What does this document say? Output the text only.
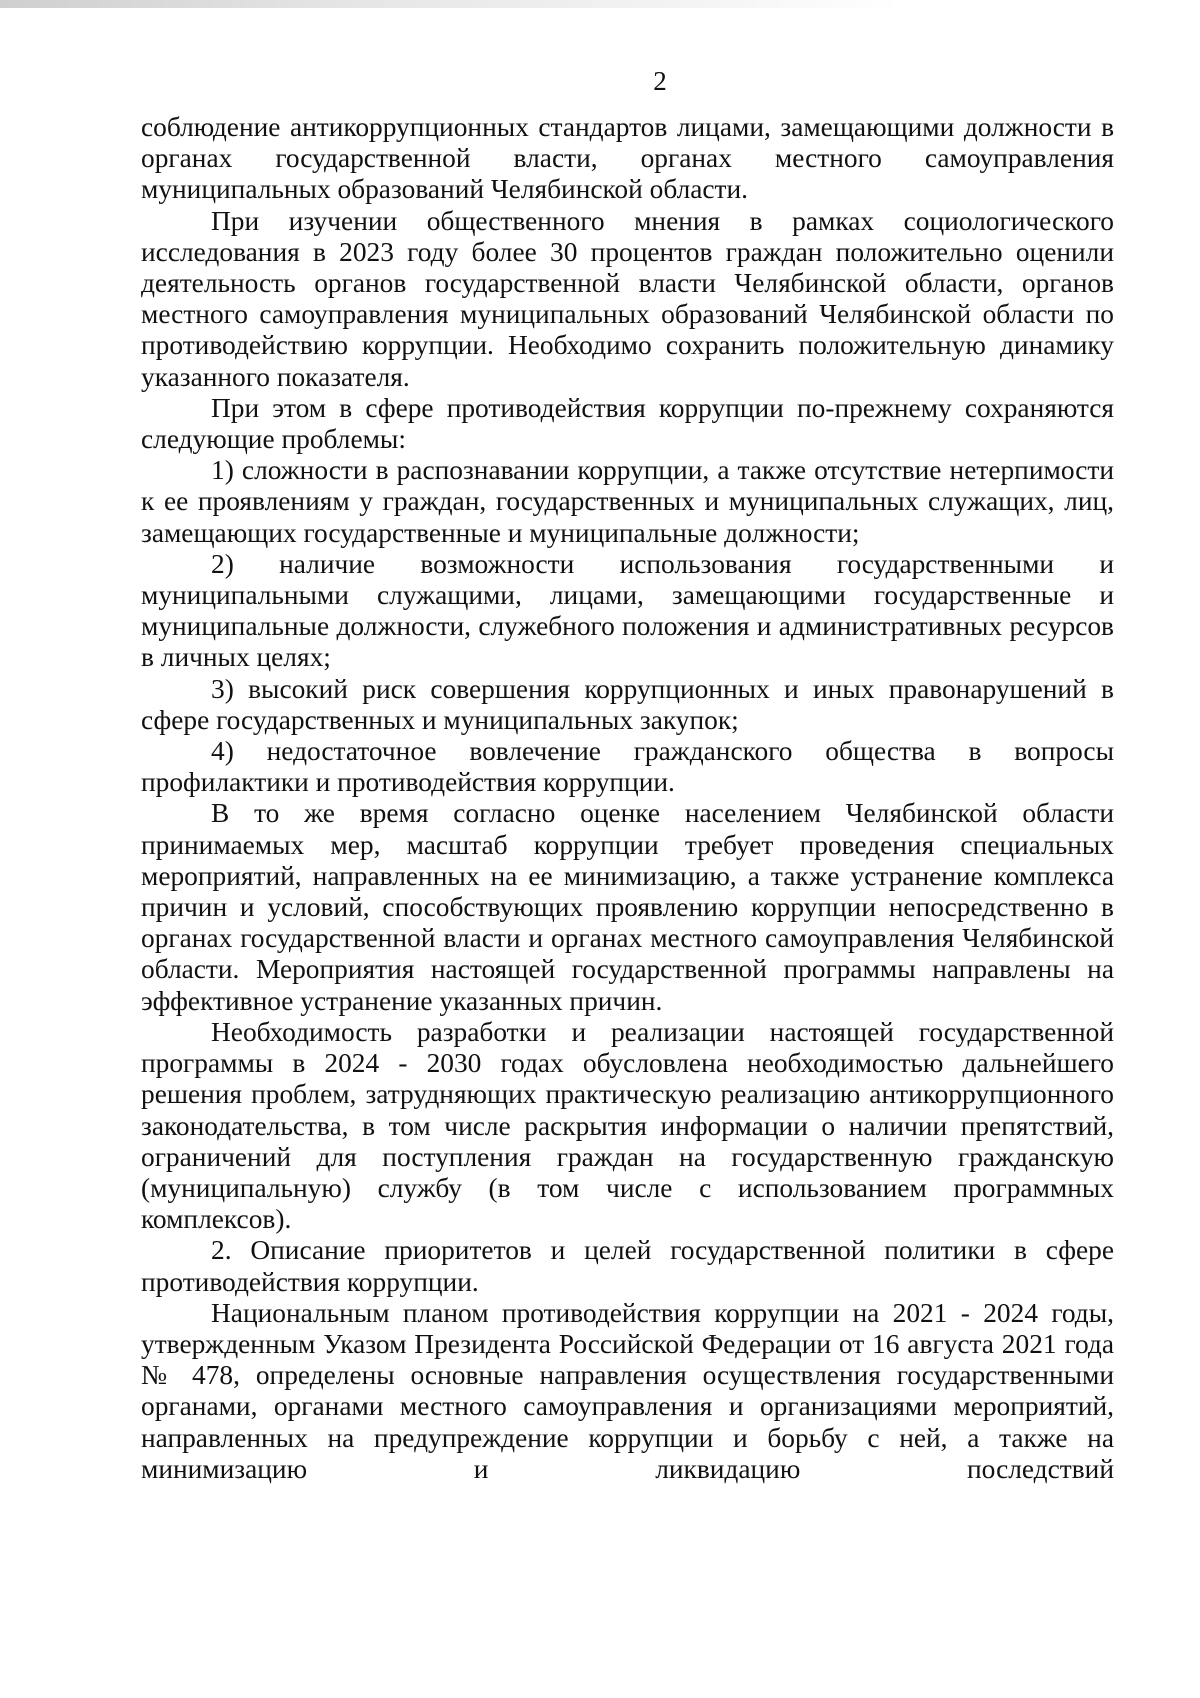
2

соблюдение антикоррупционных стандартов лицами, замещающими должности в органах государственной власти, органах местного самоуправления муниципальных образований Челябинской области.

При изучении общественного мнения в рамках социологического исследования в 2023 году более 30 процентов граждан положительно оценили деятельность органов государственной власти Челябинской области, органов местного самоуправления муниципальных образований Челябинской области по противодействию коррупции. Необходимо сохранить положительную динамику указанного показателя.

При этом в сфере противодействия коррупции по-прежнему сохраняются следующие проблемы:

1) сложности в распознавании коррупции, а также отсутствие нетерпимости к ее проявлениям у граждан, государственных и муниципальных служащих, лиц, замещающих государственные и муниципальные должности;

2) наличие возможности использования государственными и муниципальными служащими, лицами, замещающими государственные и муниципальные должности, служебного положения и административных ресурсов в личных целях;

3) высокий риск совершения коррупционных и иных правонарушений в сфере государственных и муниципальных закупок;

4) недостаточное вовлечение гражданского общества в вопросы профилактики и противодействия коррупции.

В то же время согласно оценке населением Челябинской области принимаемых мер, масштаб коррупции требует проведения специальных мероприятий, направленных на ее минимизацию, а также устранение комплекса причин и условий, способствующих проявлению коррупции непосредственно в органах государственной власти и органах местного самоуправления Челябинской области. Мероприятия настоящей государственной программы направлены на эффективное устранение указанных причин.

Необходимость разработки и реализации настоящей государственной программы в 2024 - 2030 годах обусловлена необходимостью дальнейшего решения проблем, затрудняющих практическую реализацию антикоррупционного законодательства, в том числе раскрытия информации о наличии препятствий, ограничений для поступления граждан на государственную гражданскую (муниципальную) службу (в том числе с использованием программных комплексов).

2. Описание приоритетов и целей государственной политики в сфере противодействия коррупции.

Национальным планом противодействия коррупции на 2021 - 2024 годы, утвержденным Указом Президента Российской Федерации от 16 августа 2021 года № 478, определены основные направления осуществления государственными органами, органами местного самоуправления и организациями мероприятий, направленных на предупреждение коррупции и борьбу с ней, а также на минимизацию и ликвидацию последствий
